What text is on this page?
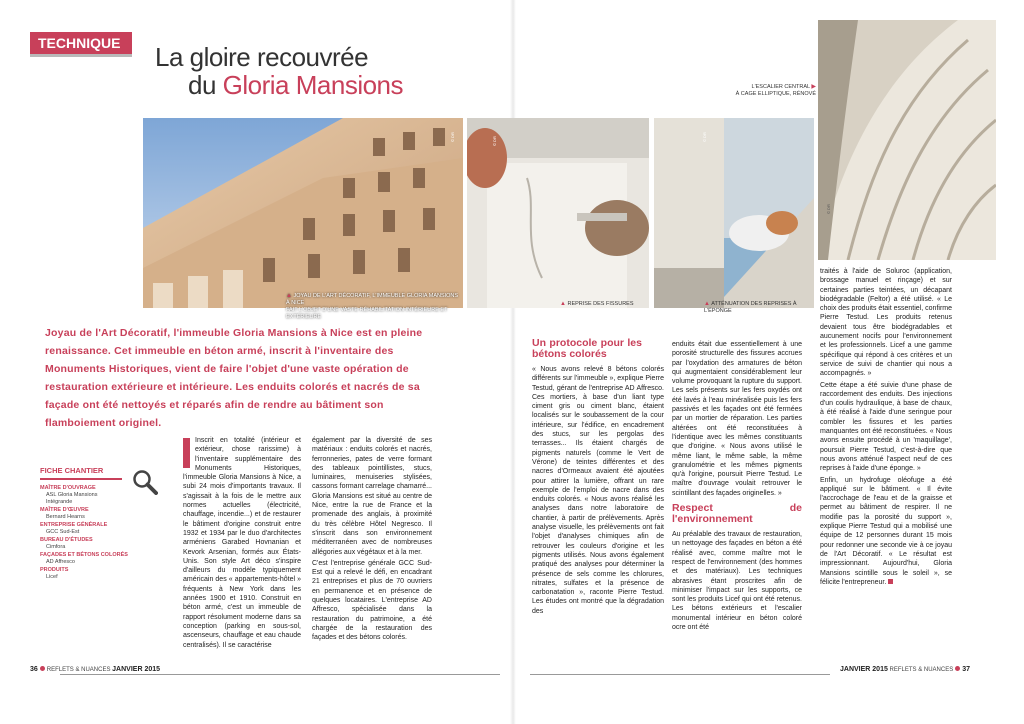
TECHNIQUE	La gloire recouvrée
du Gloria Mansions
© DR
▲ JOYAU DE L'ART DÉCORATIF, L'IMMEUBLE GLORIA MANSIONS À NICE
FAIT L'OBJET D'UNE VASTE RÉHABILITATION INTÉRIEURE ET EXTÉRIEURE
© DR
▲ REPRISE DES FISSURES
© DR
▲ ATTÉNUATION DES REPRISES À L'ÉPONGE
© DR
L'ESCALIER CENTRAL ▶
À CAGE ELLIPTIQUE, RÉNOVÉ
Joyau de l'Art Décoratif, l'immeuble Gloria Mansions à Nice est en pleine renaissance. Cet immeuble en béton armé, inscrit à l'inventaire des Monuments Historiques, vient de faire l'objet d'une vaste opération de restauration extérieure et intérieure. Les enduits colorés et nacrés de sa façade ont été nettoyés et réparés afin de rendre au bâtiment son flamboiement originel.
FICHE CHANTIER
MAÎTRE D'OUVRAGE
ASL Gloria Mansions
Intégrande
MAÎTRE D'ŒUVRE
Bernard Hearns
ENTREPRISE GÉNÉRALE
GCC Sud-Est
BUREAU D'ÉTUDES
Cimfora
FAÇADES ET BÉTONS COLORÉS
AD Affresco
PRODUITS
Licef

Inscrit en totalité (intérieur et extérieur, chose rarissime) à l'inventaire supplémentaire des Monuments Historiques, l'immeuble Gloria Mansions à Nice, a subi 24 mois d'importants travaux. Il s'agissait à la fois de le mettre aux normes actuelles (électricité, chauffage, incendie...) et de restaurer le bâtiment d'origine construit entre 1932 et 1934 par le duo d'architectes arméniens Garabed Hovnanian et Kevork Arsenian, formés aux États-Unis. Son style Art déco s'inspire d'ailleurs du modèle typiquement américain des « appartements-hôtel » fréquents à New York dans les années 1900 et 1910. Construit en béton armé, c'est un immeuble de rapport résolument moderne dans sa conception (parking en sous-sol, ascenseurs, chauffage et eau chaude centralisés). Il se caractérise

également par la diversité de ses matériaux : enduits colorés et nacrés, ferronneries, pates de verre formant des tableaux pointillistes, stucs, luminaires, menuiseries stylisées, cassons formant carrelage chamarré... Gloria Mansions est situé au centre de Nice, entre la rue de France et la promenade des anglais, à proximité du très célèbre Hôtel Negresco. Il s'inscrit dans son environnement méditerranéen avec de nombreuses allégories aux végétaux et à la mer.

C'est l'entreprise générale GCC Sud-Est qui a relevé le défi, en encadrant 21 entreprises et plus de 70 ouvriers en permanence et en présence de quelques locataires. L'entreprise AD Affresco, spécialisée dans la restauration du patrimoine, a été chargée de la restauration des façades et des bétons colorés.

Un protocole pour les bétons colorés

« Nous avons relevé 8 bétons colorés différents sur l'immeuble », explique Pierre Testud, gérant de l'entreprise AD Affresco. Ces mortiers, à base d'un liant type ciment gris ou ciment blanc, étaient localisés sur le soubassement de la cour intérieure, sur l'édifice, en encadrement des stucs, sur les pergolas des terrasses... Ils étaient chargés de pigments naturels (comme le Vert de Vérone) de teintes différentes et des nacres d'Ormeaux avaient été ajoutées pour attirer la lumière, offrant un rare exemple de l'emploi de nacre dans des enduits colorés. « Nous avons réalisé les analyses dans notre laboratoire de chantier, à partir de prélèvements. Après analyse visuelle, les prélèvements ont fait l'objet d'analyses chimiques afin de retrouver les couleurs d'origine et les pigments utilisés. Nous avons également pratiqué des analyses pour déterminer la présence de sels comme les chlorures, nitrates, sulfates et la présence de carbonatation », raconte Pierre Testud. Les études ont montré que la dégradation des

enduits était due essentiellement à une porosité structurelle des fissures accrues par l'oxydation des armatures de béton qui augmentaient considérablement leur volume provoquant la rupture du support. Les sels présents sur les fers oxydés ont été lavés à l'eau minéralisée puis les fers passivés et les façades ont été fermées par un mortier de réparation. Les parties altérées ont été reconstituées à l'identique avec les mêmes constituants que d'origine. « Nous avons utilisé le même liant, le même sable, la même granulométrie et les mêmes pigments qu'à l'origine, poursuit Pierre Testud. Le maître d'ouvrage voulait retrouver le scintillant des façades originelles. »

Respect de l'environnement

Au préalable des travaux de restauration, un nettoyage des façades en béton a été réalisé avec, comme maître mot le respect de l'environnement (des hommes et des matériaux). Les techniques abrasives étant proscrites afin de minimiser l'impact sur les supports, ce sont les produits Licef qui ont été retenus. Les bétons extérieurs et l'escalier monumental intérieur en béton coloré ocre ont été

traités à l'aide de Soluroc (application, brossage manuel et rinçage) et sur certaines parties teintées, un décapant biodégradable (Feltor) a été utilisé. « Le choix des produits était essentiel, confirme Pierre Testud. Les produits retenus devaient tous être biodégradables et aucunement nocifs pour l'environnement et les professionnels. Licef a une gamme spécifique qui répond à ces critères et un service de suivi de chantier qui nous a accompagnés. »

Cette étape a été suivie d'une phase de raccordement des enduits. Des injections d'un coulis hydraulique, à base de chaux, à été réalisé à l'aide d'une seringue pour combler les fissures et les parties manquantes ont été reconstituées. « Nous avons ensuite procédé à un 'maquillage', poursuit Pierre Testud, c'est-à-dire que nous avons atténué l'aspect neuf de ces reprises à l'aide d'une éponge. »

Enfin, un hydrofuge oléofuge a été appliqué sur le bâtiment. « Il évite l'accrochage de l'eau et de la graisse et permet au bâtiment de respirer. Il ne modifie pas la porosité du support », explique Pierre Testud qui a mobilisé une équipe de 12 personnes durant 15 mois pour redonner une seconde vie à ce joyau de l'Art Décoratif. « Le résultat est impressionnant. Aujourd'hui, Gloria Mansions scintille sous le soleil », se félicite l'entrepreneur.

36 REFLETS & NUANCES JANVIER 2015	JANVIER 2015 REFLETS & NUANCES 37
